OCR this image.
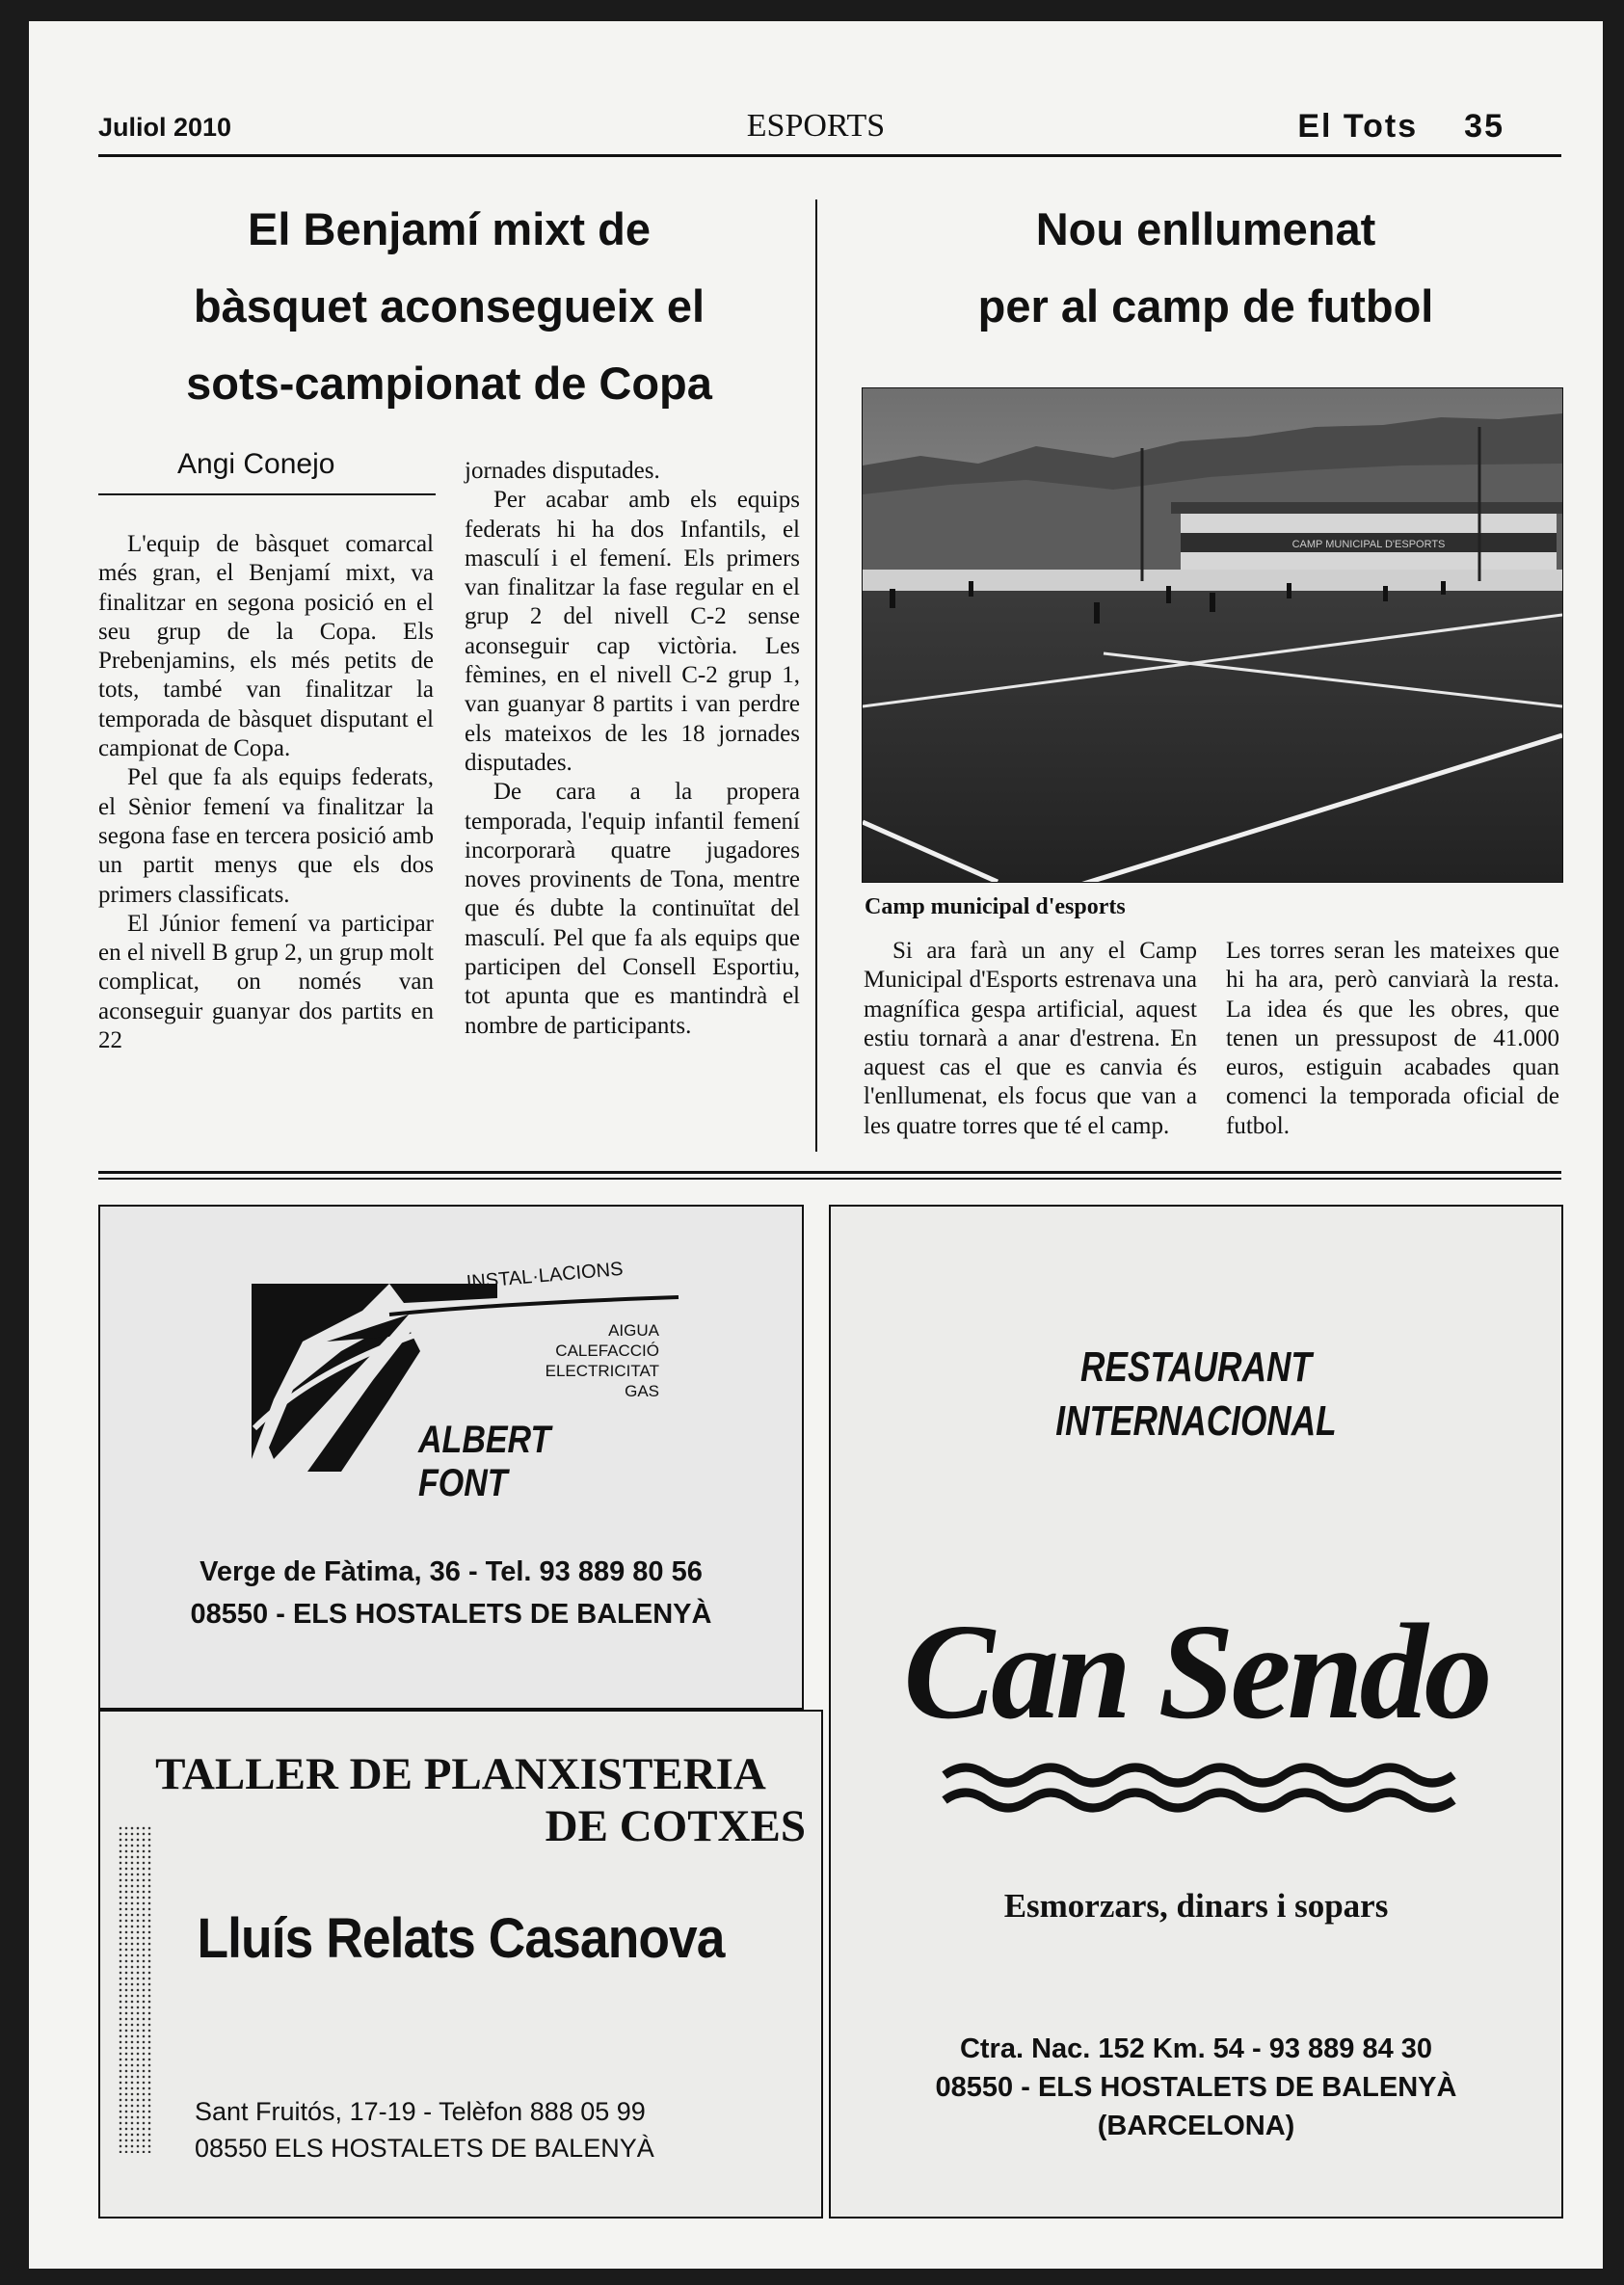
Juliol 2010	ESPORTS	El Tots 35
El Benjamí mixt de
bàsquet aconsegueix el
sots-campionat de Copa
Angi Conejo

L'equip de bàsquet comarcal més gran, el Benjamí mixt, va finalitzar en segona posició en el seu grup de la Copa. Els Prebenjamins, els més petits de tots, també van finalitzar la temporada de bàsquet disputant el campionat de Copa.

Pel que fa als equips federats, el Sènior femení va finalitzar la segona fase en tercera posició amb un partit menys que els dos primers classificats.

El Júnior femení va participar en el nivell B grup 2, un grup molt complicat, on només van aconseguir guanyar dos partits en 22

jornades disputades.

Per acabar amb els equips federats hi ha dos Infantils, el masculí i el femení. Els primers van finalitzar la fase regular en el grup 2 del nivell C-2 sense aconseguir cap victòria. Les fèmines, en el nivell C-2 grup 1, van guanyar 8 partits i van perdre els mateixos de les 18 jornades disputades.

De cara a la propera temporada, l'equip infantil femení incorporarà quatre jugadores noves provinents de Tona, mentre que és dubte la continuïtat del masculí. Pel que fa als equips que participen del Consell Esportiu, tot apunta que es mantindrà el nombre de participants.

Nou enllumenat
per al camp de futbol
CAMP MUNICIPAL D'ESPORTS
Camp municipal d'esports

Si ara farà un any el Camp Municipal d'Esports estrenava una magnífica gespa artificial, aquest estiu tornarà a anar d'estrena. En aquest cas el que es canvia és l'enllumenat, els focus que van a les quatre torres que té el camp.

Les torres seran les mateixes que hi ha ara, però canviarà la resta. La idea és que les obres, que tenen un pressupost de 41.000 euros, estiguin acabades quan comenci la temporada oficial de futbol.

INSTAL·LACIONS
AIGUA
CALEFACCIÓ
ELECTRICITAT
GAS
ALBERT FONT
Verge de Fàtima, 36 - Tel. 93 889 80 56
08550 - ELS HOSTALETS DE BALENYÀ
TALLER DE PLANXISTERIA
DE COTXES
Lluís Relats Casanova
Sant Fruitós, 17-19 - Telèfon 888 05 99
08550 ELS HOSTALETS DE BALENYÀ
RESTAURANT
INTERNACIONAL
Can Sendo
Esmorzars, dinars i sopars
Ctra. Nac. 152 Km. 54 - 93 889 84 30
08550 - ELS HOSTALETS DE BALENYÀ
(BARCELONA)
